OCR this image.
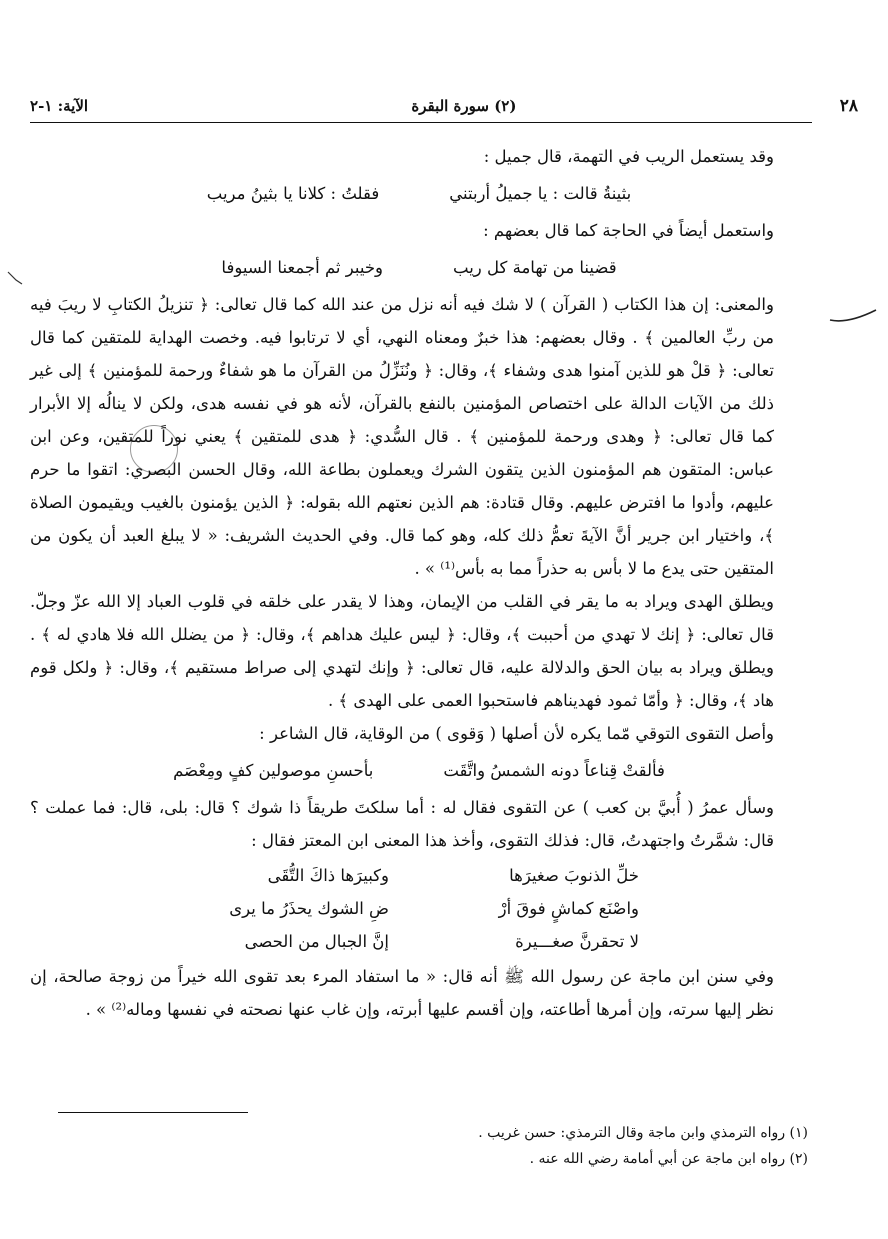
٢٨
(٢) سورة البقرة
الآية: ١-٢

وقد يستعمل الريب في التهمة، قال جميل :

بثينةُ قالت : يا جميلُ أربتني
فقلتُ : كلانا يا بثينُ مريب

واستعمل أيضاً في الحاجة كما قال بعضهم :

قضينا من تهامة كل ريب
وخيبر ثم أجمعنا السيوفا

والمعنى: إن هذا الكتاب ( القرآن ) لا شك فيه أنه نزل من عند الله كما قال تعالى: ﴿ تنزيلُ الكتابِ لا ريبَ فيه من ربِّ العالمين ﴾ . وقال بعضهم: هذا خبرٌ ومعناه النهي، أي لا ترتابوا فيه. وخصت الهداية للمتقين كما قال تعالى: ﴿ قلْ هو للذين آمنوا هدى وشفاء ﴾، وقال: ﴿ ونُنَزِّلُ من القرآن ما هو شفاءٌ ورحمة للمؤمنين ﴾ إلى غير ذلك من الآيات الدالة على اختصاص المؤمنين بالنفع بالقرآن، لأنه هو في نفسه هدى، ولكن لا ينالُه إلا الأبرار كما قال تعالى: ﴿ وهدى ورحمة للمؤمنين ﴾ . قال السُّدي: ﴿ هدى للمتقين ﴾ يعني نوراً للمتقين، وعن ابن عباس: المتقون هم المؤمنون الذين يتقون الشرك ويعملون بطاعة الله، وقال الحسن البصري: اتقوا ما حرم عليهم، وأدوا ما افترض عليهم. وقال قتادة: هم الذين نعتهم الله بقوله: ﴿ الذين يؤمنون بالغيب ويقيمون الصلاة ﴾، واختيار ابن جرير أنَّ الآيةَ تعمُّ ذلك كله، وهو كما قال. وفي الحديث الشريف: « لا يبلغ العبد أن يكون من المتقين حتى يدع ما لا بأس به حذراً مما به بأس⁽¹⁾ » .

ويطلق الهدى ويراد به ما يقر في القلب من الإيمان، وهذا لا يقدر على خلقه في قلوب العباد إلا الله عزّ وجلّ. قال تعالى: ﴿ إنك لا تهدي من أحببت ﴾، وقال: ﴿ ليس عليك هداهم ﴾، وقال: ﴿ من يضلل الله فلا هادي له ﴾ . ويطلق ويراد به بيان الحق والدلالة عليه، قال تعالى: ﴿ وإنك لتهدي إلى صراط مستقيم ﴾، وقال: ﴿ ولكل قوم هاد ﴾، وقال: ﴿ وأمّا ثمود فهديناهم فاستحبوا العمى على الهدى ﴾ .

وأصل التقوى التوقي مّما يكره لأن أصلها ( وَقوى ) من الوقاية، قال الشاعر :

فألقتْ قِناعاً دونه الشمسُ واتَّقَت
بأحسنِ موصولين كفٍ ومِعْصَم

وسأل عمرُ ( أُبيَّ بن كعب ) عن التقوى فقال له : أما سلكتَ طريقاً ذا شوك ؟ قال: بلى، قال: فما عملت ؟ قال: شمَّرتُ واجتهدتُ، قال: فذلك التقوى، وأخذ هذا المعنى ابن المعتز فقال :

خلِّ الذنوبَ صغيرَها
وكبيرَها ذاكَ التُّقَى
واصْنَع كماشٍ فوقَ أرْ
ضِ الشوك يحذَرُ ما يرى
لا تحقرنَّ صغـــيرة
إنَّ الجبال من الحصى

وفي سنن ابن ماجة عن رسول الله ﷺ أنه قال: « ما استفاد المرء بعد تقوى الله خيراً من زوجة صالحة، إن نظر إليها سرته، وإن أمرها أطاعته، وإن أقسم عليها أبرته، وإن غاب عنها نصحته في نفسها وماله⁽²⁾ » .

(١) رواه الترمذي وابن ماجة وقال الترمذي: حسن غريب .

(٢) رواه ابن ماجة عن أبي أمامة رضي الله عنه .
